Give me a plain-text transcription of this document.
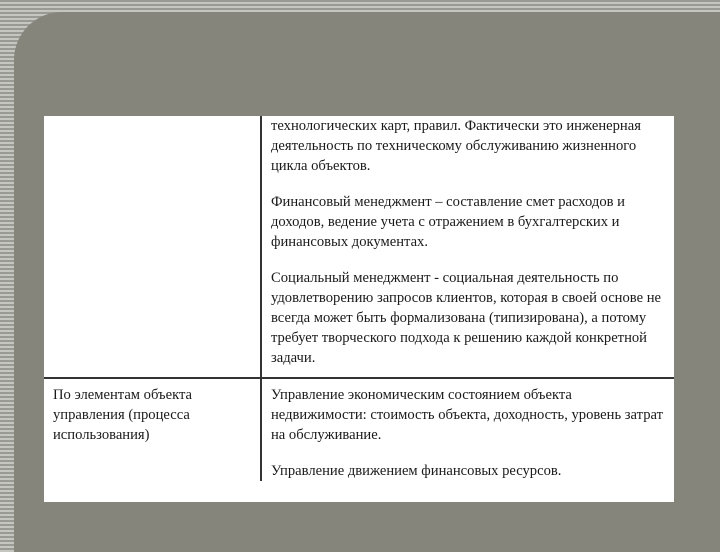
	технологических карт, правил. Фактически это инженерная деятельность по техническому обслуживанию жизненного цикла объектов.

Финансовый менеджмент – составление смет расходов и доходов, ведение учета с отражением в бухгалтерских и финансовых документах.

Социальный менеджмент - социальная деятельность по удовлетворению запросов клиентов, которая в своей основе не всегда может быть формализована (типизирована), а потому требует творческого подхода к решению каждой конкретной задачи.

По элементам объекта управления (процесса использования)	Управление экономическим состоянием объекта недвижимости: стоимость объекта, доходность, уровень затрат на обслуживание.

Управление движением финансовых ресурсов.
